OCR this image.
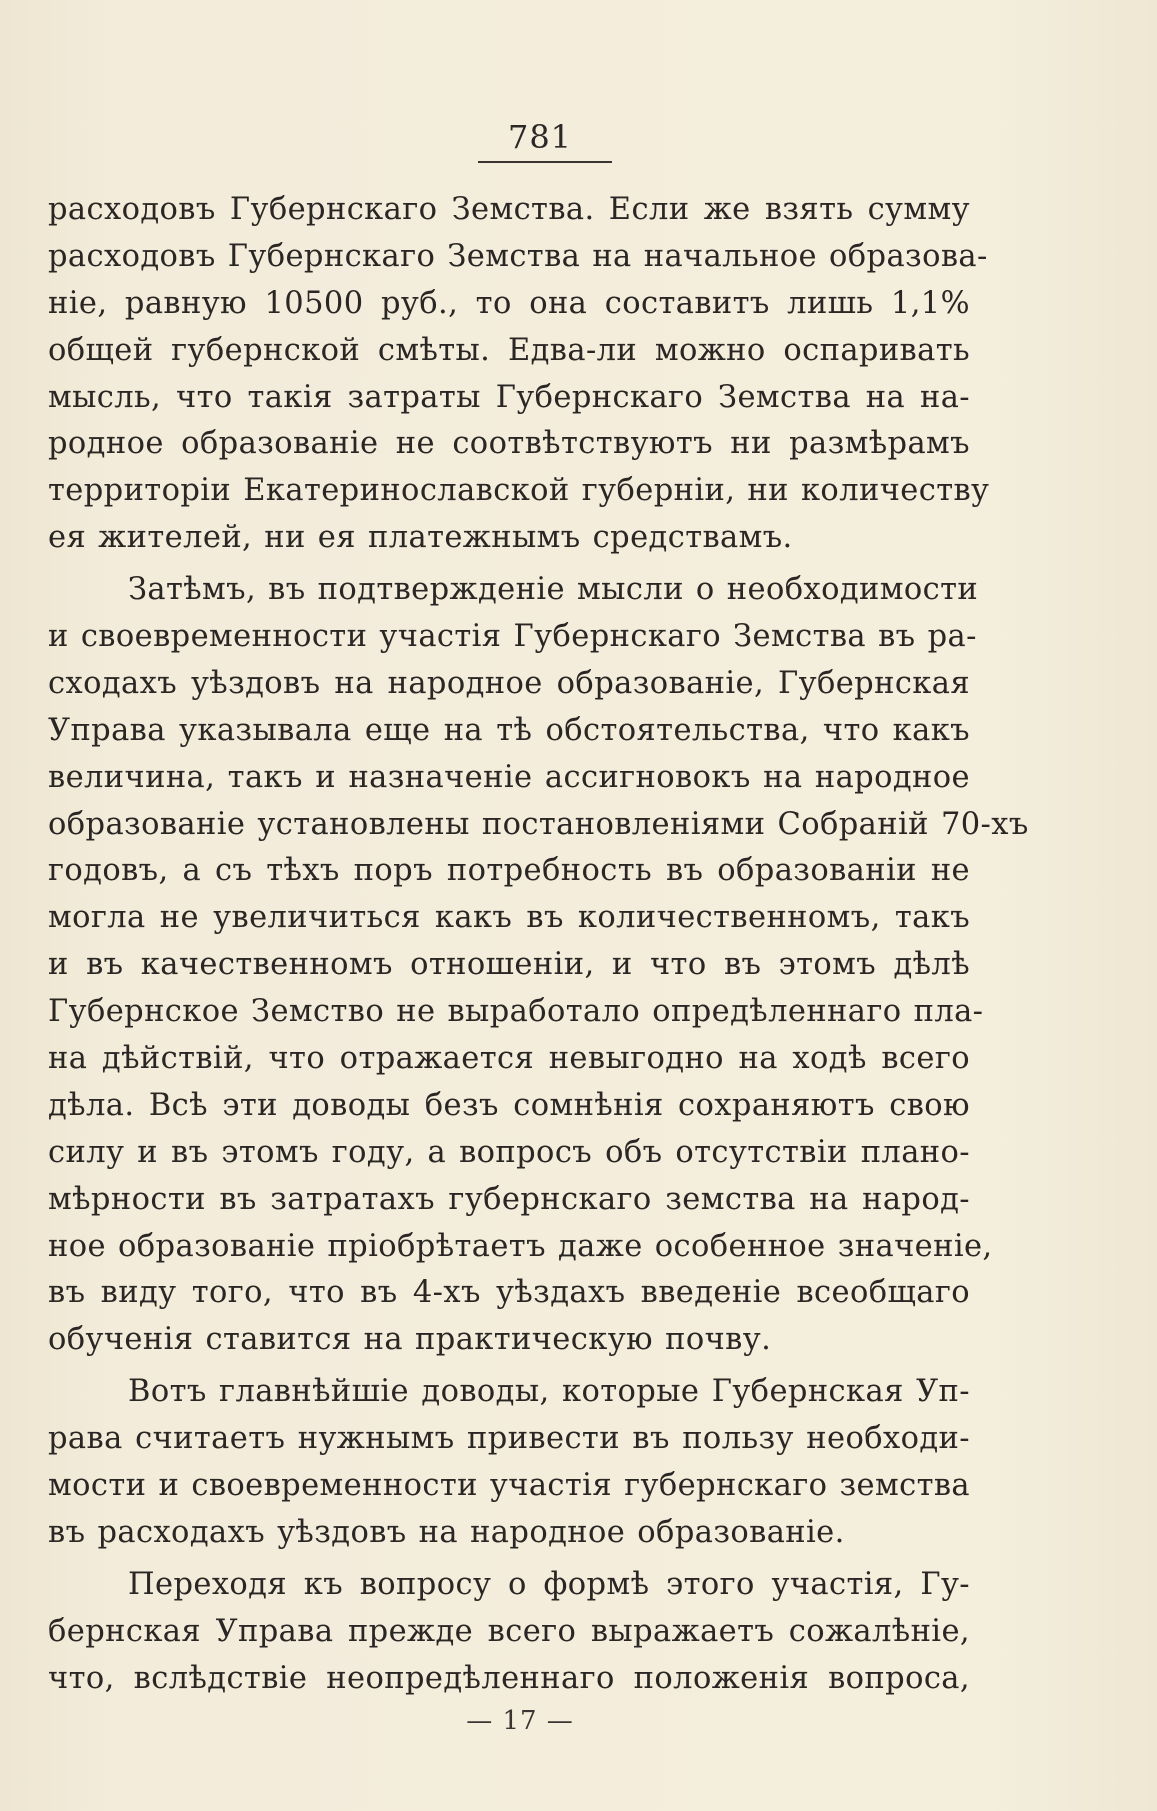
781
расходовъ Губернскаго Земства. Если же взять сумму
расходовъ Губернскаго Земства на начальное образова-
ніе, равную 10500 руб., то она составитъ лишь 1,1%
общей губернской смѣты. Едва-ли можно оспаривать
мысль, что такія затраты Губернскаго Земства на на-
родное образованіе не соотвѣтствуютъ ни размѣрамъ
территоріи Екатеринославской губерніи, ни количеству
ея жителей, ни ея платежнымъ средствамъ.
Затѣмъ, въ подтвержденіе мысли о необходимости
и своевременности участія Губернскаго Земства въ ра-
сходахъ уѣздовъ на народное образованіе, Губернская
Управа указывала еще на тѣ обстоятельства, что какъ
величина, такъ и назначеніе ассигновокъ на народное
образованіе установлены постановленіями Собраній 70-хъ
годовъ, а съ тѣхъ поръ потребность въ образованіи не
могла не увеличиться какъ въ количественномъ, такъ
и въ качественномъ отношеніи, и что въ этомъ дѣлѣ
Губернское Земство не выработало опредѣленнаго пла-
на дѣйствій, что отражается невыгодно на ходѣ всего
дѣла. Всѣ эти доводы безъ сомнѣнія сохраняютъ свою
силу и въ этомъ году, а вопросъ объ отсутствіи плано-
мѣрности въ затратахъ губернскаго земства на народ-
ное образованіе пріобрѣтаетъ даже особенное значеніе,
въ виду того, что въ 4-хъ уѣздахъ введеніе всеобщаго
обученія ставится на практическую почву.
Вотъ главнѣйшіе доводы, которые Губернская Уп-
рава считаетъ нужнымъ привести въ пользу необходи-
мости и своевременности участія губернскаго земства
въ расходахъ уѣздовъ на народное образованіе.
Переходя къ вопросу о формѣ этого участія, Гу-
бернская Управа прежде всего выражаетъ сожалѣніе,
что, вслѣдствіе неопредѣленнаго положенія вопроса,
— 17 —
